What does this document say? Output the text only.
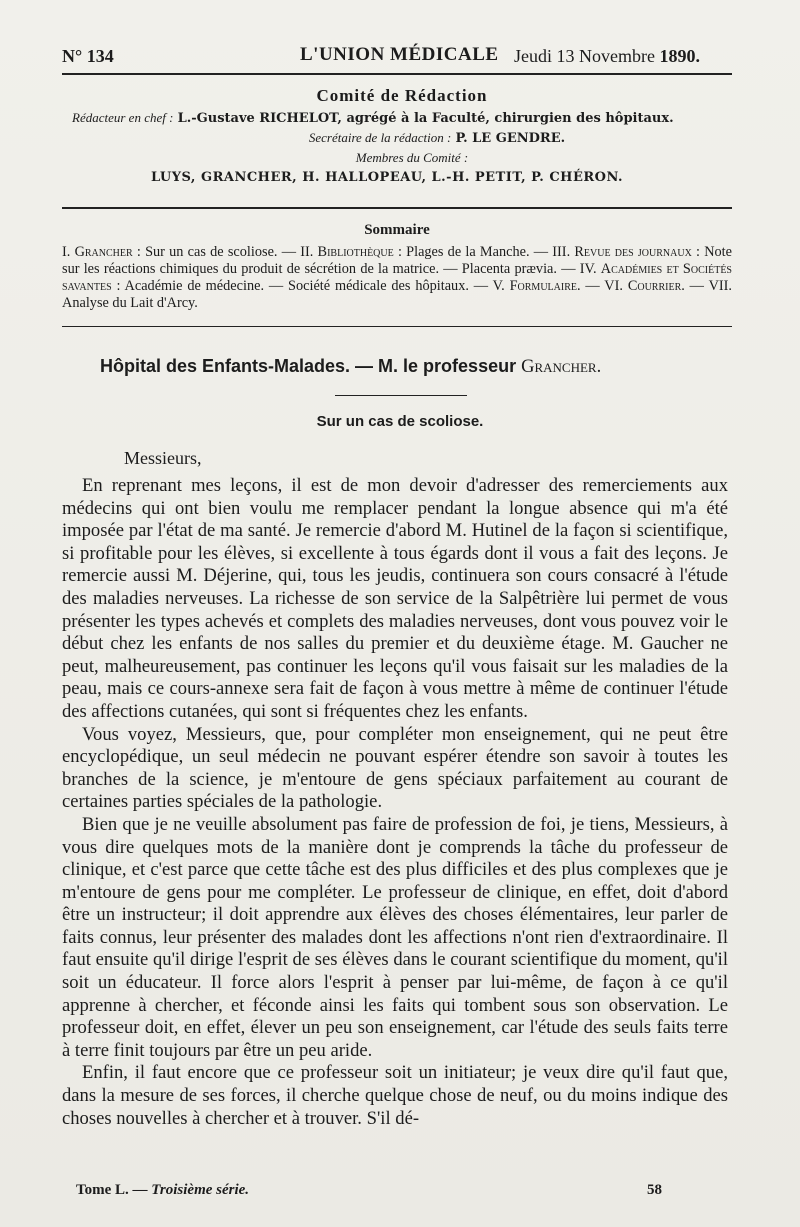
N° 134	L'UNION MÉDICALE Jeudi 13 Novembre 1890.
Comité de Rédaction
Rédacteur en chef : L.-Gustave RICHELOT, agrégé à la Faculté, chirurgien des hôpitaux.
Secrétaire de la rédaction : P. LE GENDRE.
Membres du Comité :
LUYS, GRANCHER, H. HALLOPEAU, L.-H. PETIT, P. CHÉRON.
Sommaire
I. Grancher : Sur un cas de scoliose. — II. Bibliothèque : Plages de la Manche. — III. Revue des journaux : Note sur les réactions chimiques du produit de sécrétion de la matrice. — Placenta prævia. — IV. Académies et Sociétés savantes : Académie de médecine. — Société médicale des hôpitaux. — V. Formulaire. — VI. Courrier. — VII. Analyse du Lait d'Arcy.
Hôpital des Enfants-Malades. — M. le professeur Grancher.
Sur un cas de scoliose.
Messieurs,

En reprenant mes leçons, il est de mon devoir d'adresser des remerciements aux médecins qui ont bien voulu me remplacer pendant la longue absence qui m'a été imposée par l'état de ma santé. Je remercie d'abord M. Hutinel de la façon si scientifique, si profitable pour les élèves, si excellente à tous égards dont il vous a fait des leçons. Je remercie aussi M. Déjerine, qui, tous les jeudis, continuera son cours consacré à l'étude des maladies nerveuses. La richesse de son service de la Salpêtrière lui permet de vous présenter les types achevés et complets des maladies nerveuses, dont vous pouvez voir le début chez les enfants de nos salles du premier et du deuxième étage. M. Gaucher ne peut, malheureusement, pas continuer les leçons qu'il vous faisait sur les maladies de la peau, mais ce cours-annexe sera fait de façon à vous mettre à même de continuer l'étude des affections cutanées, qui sont si fréquentes chez les enfants.

Vous voyez, Messieurs, que, pour compléter mon enseignement, qui ne peut être encyclopédique, un seul médecin ne pouvant espérer étendre son savoir à toutes les branches de la science, je m'entoure de gens spéciaux parfaitement au courant de certaines parties spéciales de la pathologie.

Bien que je ne veuille absolument pas faire de profession de foi, je tiens, Messieurs, à vous dire quelques mots de la manière dont je comprends la tâche du professeur de clinique, et c'est parce que cette tâche est des plus difficiles et des plus complexes que je m'entoure de gens pour me compléter. Le professeur de clinique, en effet, doit d'abord être un instructeur; il doit apprendre aux élèves des choses élémentaires, leur parler de faits connus, leur présenter des malades dont les affections n'ont rien d'extraordinaire. Il faut ensuite qu'il dirige l'esprit de ses élèves dans le courant scientifique du moment, qu'il soit un éducateur. Il force alors l'esprit à penser par lui-même, de façon à ce qu'il apprenne à chercher, et féconde ainsi les faits qui tombent sous son observation. Le professeur doit, en effet, élever un peu son enseignement, car l'étude des seuls faits terre à terre finit toujours par être un peu aride.

Enfin, il faut encore que ce professeur soit un initiateur; je veux dire qu'il faut que, dans la mesure de ses forces, il cherche quelque chose de neuf, ou du moins indique des choses nouvelles à chercher et à trouver. S'il dé-

Tome L. — Troisième série.	58
